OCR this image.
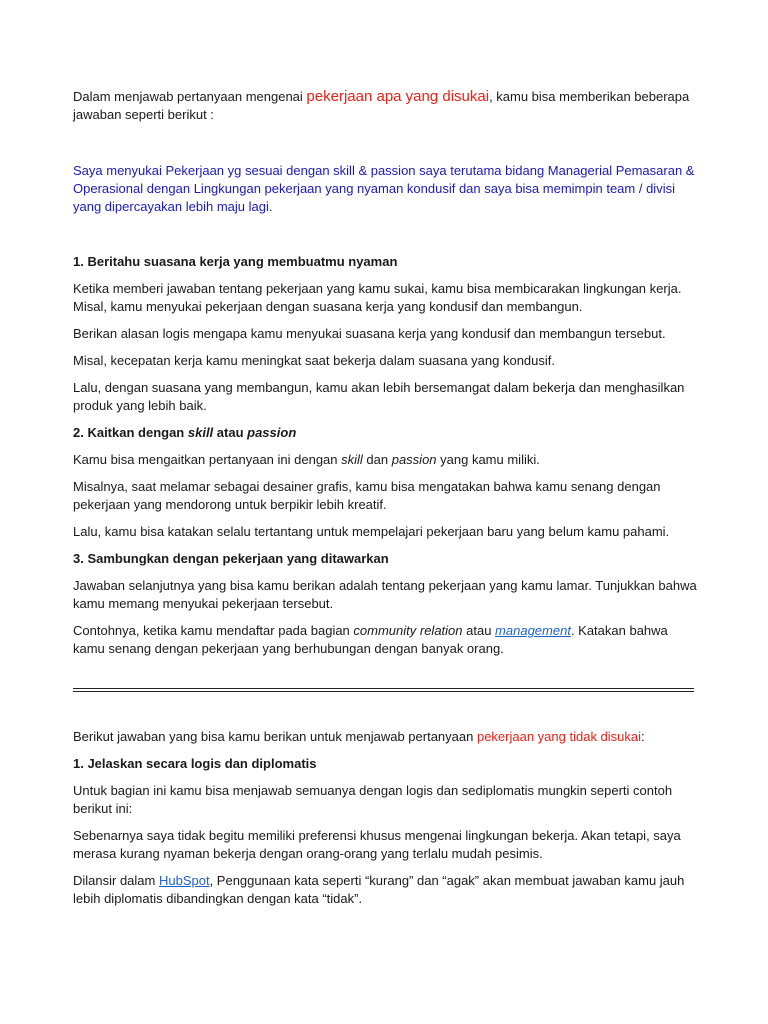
Dalam menjawab pertanyaan mengenai pekerjaan apa yang disukai, kamu bisa memberikan beberapa jawaban seperti berikut :

Saya menyukai Pekerjaan yg sesuai dengan skill & passion saya terutama bidang Managerial Pemasaran & Operasional dengan Lingkungan pekerjaan yang nyaman kondusif dan saya bisa memimpin team / divisi yang dipercayakan lebih maju lagi.

1. Beritahu suasana kerja yang membuatmu nyaman

Ketika memberi jawaban tentang pekerjaan yang kamu sukai, kamu bisa membicarakan lingkungan kerja. Misal, kamu menyukai pekerjaan dengan suasana kerja yang kondusif dan membangun.

Berikan alasan logis mengapa kamu menyukai suasana kerja yang kondusif dan membangun tersebut.

Misal, kecepatan kerja kamu meningkat saat bekerja dalam suasana yang kondusif.

Lalu, dengan suasana yang membangun, kamu akan lebih bersemangat dalam bekerja dan menghasilkan produk yang lebih baik.

2. Kaitkan dengan skill atau passion

Kamu bisa mengaitkan pertanyaan ini dengan skill dan passion yang kamu miliki.

Misalnya, saat melamar sebagai desainer grafis, kamu bisa mengatakan bahwa kamu senang dengan pekerjaan yang mendorong untuk berpikir lebih kreatif.

Lalu, kamu bisa katakan selalu tertantang untuk mempelajari pekerjaan baru yang belum kamu pahami.

3. Sambungkan dengan pekerjaan yang ditawarkan

Jawaban selanjutnya yang bisa kamu berikan adalah tentang pekerjaan yang kamu lamar. Tunjukkan bahwa kamu memang menyukai pekerjaan tersebut.

Contohnya, ketika kamu mendaftar pada bagian community relation atau management. Katakan bahwa kamu senang dengan pekerjaan yang berhubungan dengan banyak orang.

Berikut jawaban yang bisa kamu berikan untuk menjawab pertanyaan pekerjaan yang tidak disukai:

1. Jelaskan secara logis dan diplomatis

Untuk bagian ini kamu bisa menjawab semuanya dengan logis dan sediplomatis mungkin seperti contoh berikut ini:

Sebenarnya saya tidak begitu memiliki preferensi khusus mengenai lingkungan bekerja. Akan tetapi, saya merasa kurang nyaman bekerja dengan orang-orang yang terlalu mudah pesimis.

Dilansir dalam HubSpot, Penggunaan kata seperti “kurang” dan “agak” akan membuat jawaban kamu jauh lebih diplomatis dibandingkan dengan kata “tidak”.
